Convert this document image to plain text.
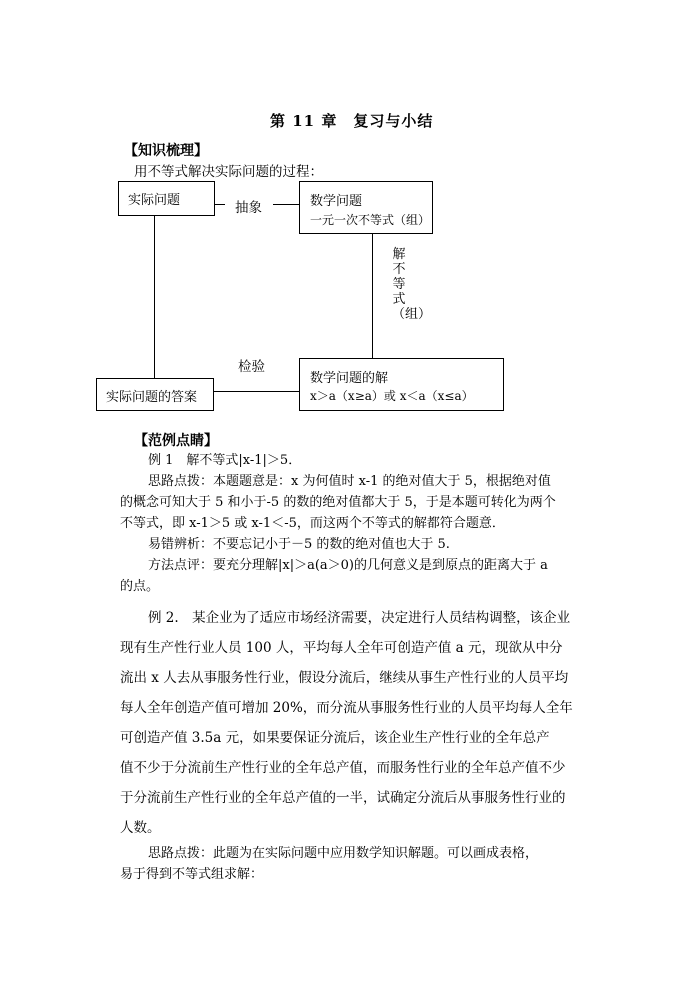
第 11 章　复习与小结
【知识梳理】
用不等式解决实际问题的过程：
实际问题	抽象	数学问题
一元一次不等式（组）
解不等式（组）
检验
实际问题的答案
数学问题的解
x＞a（x≥a）或 x＜a（x≤a）
【范例点睛】
例 1　解不等式|x-1|＞5．
思路点拨：本题题意是：x 为何值时 x-1 的绝对值大于 5，根据绝对值
的概念可知大于 5 和小于-5 的数的绝对值都大于 5，于是本题可转化为两个
不等式，即 x-1＞5 或 x-1＜-5，而这两个不等式的解都符合题意．
易错辨析：不要忘记小于－5 的数的绝对值也大于 5.
方法点评：要充分理解|x|＞a(a＞0)的几何意义是到原点的距离大于 a
的点。
例 2.　某企业为了适应市场经济需要，决定进行人员结构调整，该企业
现有生产性行业人员 100 人，平均每人全年可创造产值 a 元，现欲从中分
流出 x 人去从事服务性行业，假设分流后，继续从事生产性行业的人员平均
每人全年创造产值可增加 20%，而分流从事服务性行业的人员平均每人全年
可创造产值 3.5a 元，如果要保证分流后，该企业生产性行业的全年总产
值不少于分流前生产性行业的全年总产值，而服务性行业的全年总产值不少
于分流前生产性行业的全年总产值的一半，试确定分流后从事服务性行业的
人数。
思路点拨：此题为在实际问题中应用数学知识解题。可以画成表格，
易于得到不等式组求解：
